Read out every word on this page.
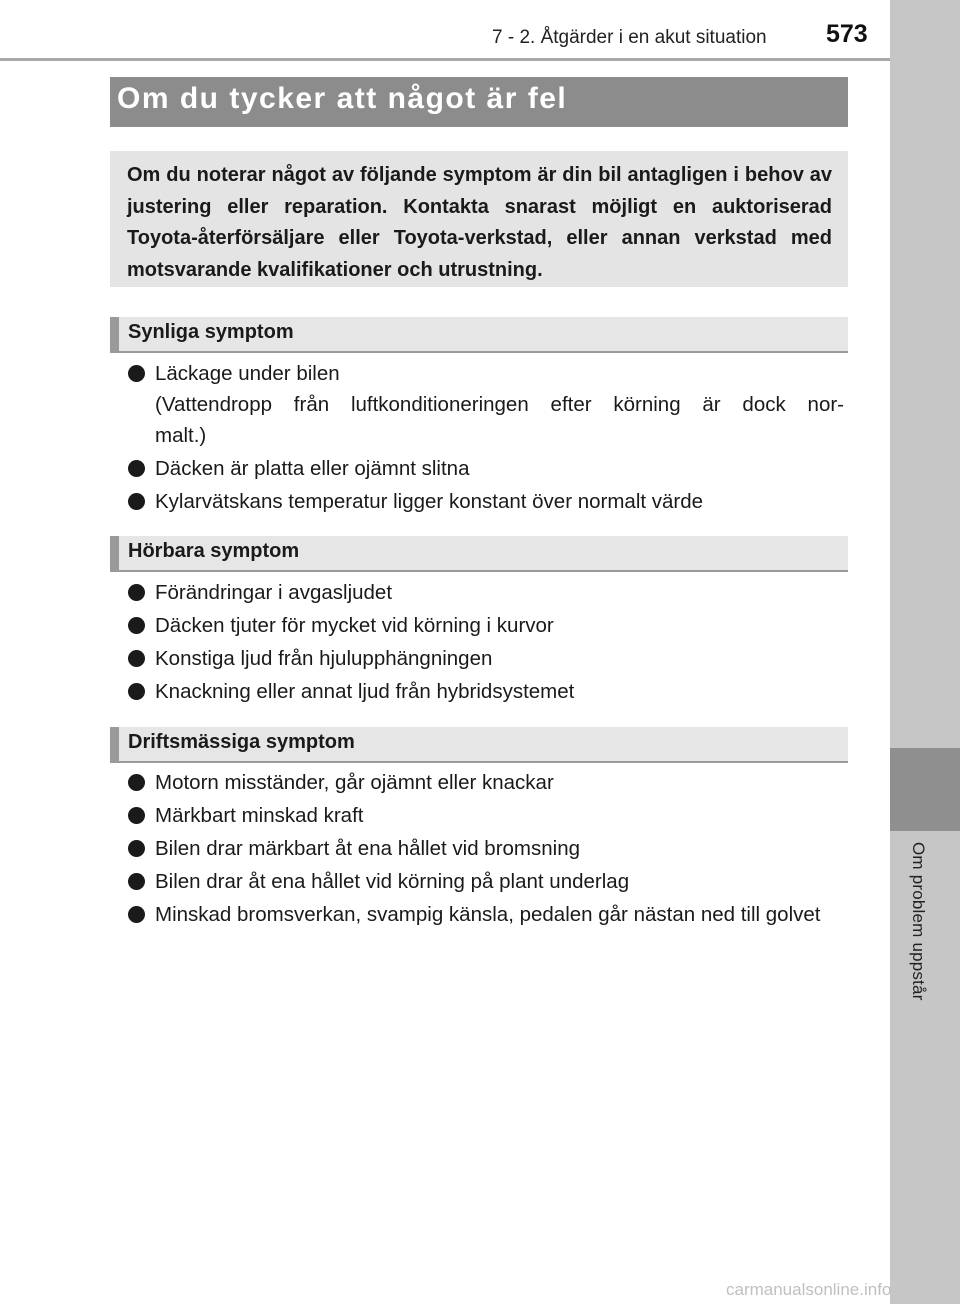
7 - 2. Åtgärder i en akut situation 573
7
Om problem uppstår
Om du tycker att något är fel
Om du noterar något av följande symptom är din bil antagligen i behov av justering eller reparation. Kontakta snarast möjligt en auktoriserad Toyota-återförsäljare eller Toyota-verkstad, eller annan verkstad med motsvarande kvalifikationer och utrustning.
Synliga symptom
Läckage under bilen
(Vattendropp från luftkonditioneringen efter körning är dock nor-
malt.)
Däcken är platta eller ojämnt slitna
Kylarvätskans temperatur ligger konstant över normalt värde
Hörbara symptom
Förändringar i avgasljudet
Däcken tjuter för mycket vid körning i kurvor
Konstiga ljud från hjulupphängningen
Knackning eller annat ljud från hybridsystemet
Driftsmässiga symptom
Motorn misständer, går ojämnt eller knackar
Märkbart minskad kraft
Bilen drar märkbart åt ena hållet vid bromsning
Bilen drar åt ena hållet vid körning på plant underlag
Minskad bromsverkan, svampig känsla, pedalen går nästan ned till golvet
carmanualsonline.info
